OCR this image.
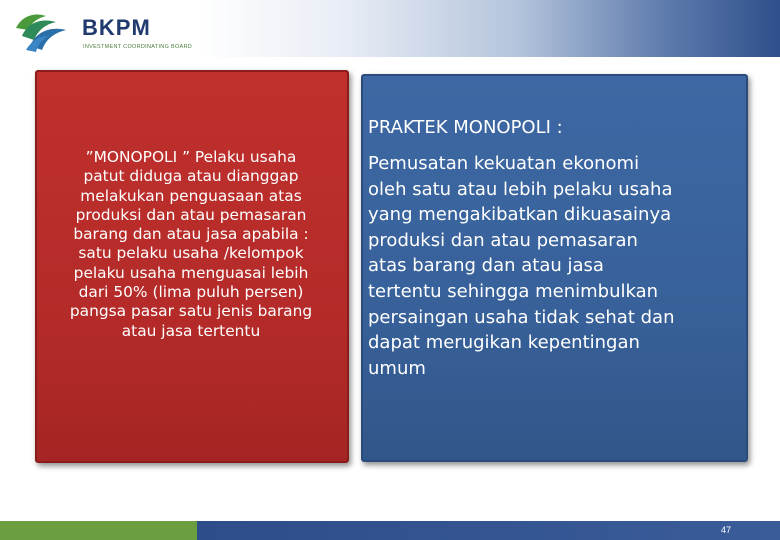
BKPM
INVESTMENT COORDINATING BOARD
”MONOPOLI ” Pelaku usaha
patut diduga atau dianggap
melakukan penguasaan atas
produksi dan atau pemasaran
barang dan atau jasa apabila :
satu pelaku usaha /kelompok
pelaku usaha menguasai lebih
dari 50% (lima puluh persen)
pangsa pasar satu jenis barang
atau jasa tertentu
PRAKTEK MONOPOLI :
Pemusatan kekuatan ekonomi
oleh satu atau lebih pelaku usaha
yang mengakibatkan dikuasainya
produksi dan atau pemasaran
atas barang dan atau jasa
tertentu sehingga menimbulkan
persaingan usaha tidak sehat dan
dapat merugikan kepentingan
umum
47
